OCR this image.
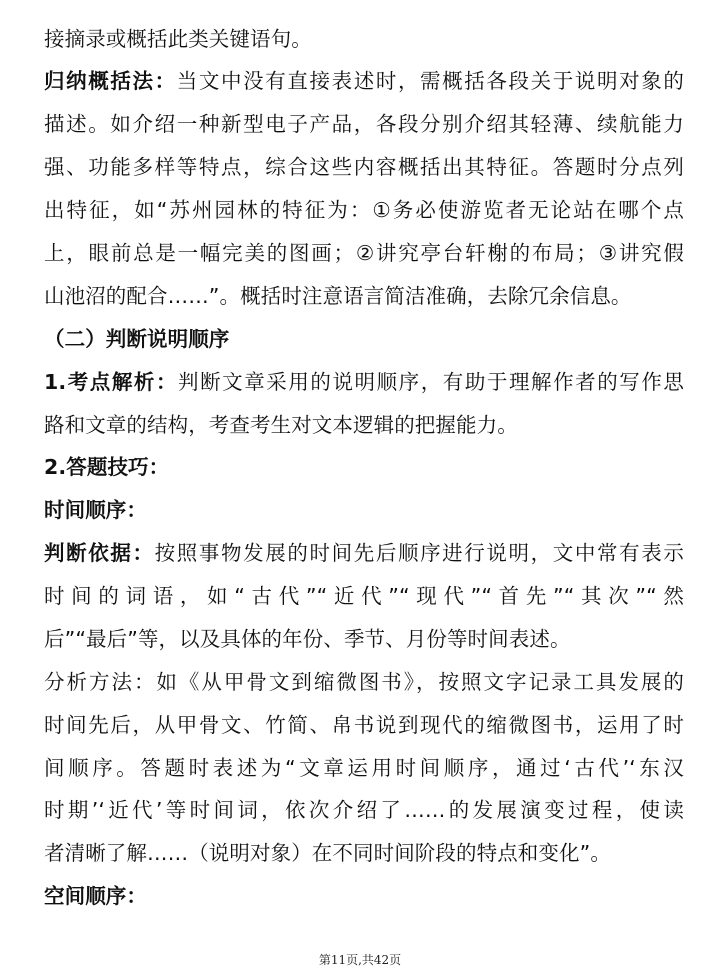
接摘录或概括此类关键语句。
归纳概括法：当文中没有直接表述时，需概括各段关于说明对象的
描述。如介绍一种新型电子产品，各段分别介绍其轻薄、续航能力
强、功能多样等特点，综合这些内容概括出其特征。答题时分点列
出特征，如“苏州园林的特征为：①务必使游览者无论站在哪个点
上，眼前总是一幅完美的图画；②讲究亭台轩榭的布局；③讲究假
山池沼的配合……”。概括时注意语言简洁准确，去除冗余信息。
（二）判断说明顺序
1.考点解析：判断文章采用的说明顺序，有助于理解作者的写作思
路和文章的结构，考查考生对文本逻辑的把握能力。
2.答题技巧：
时间顺序：
判断依据：按照事物发展的时间先后顺序进行说明，文中常有表示
时间的词语，如“古代”“近代”“现代”“首先”“其次”“然
后”“最后”等，以及具体的年份、季节、月份等时间表述。
分析方法：如《从甲骨文到缩微图书》，按照文字记录工具发展的
时间先后，从甲骨文、竹简、帛书说到现代的缩微图书，运用了时
间顺序。答题时表述为“文章运用时间顺序，通过‘古代’‘东汉
时期’‘近代’等时间词，依次介绍了……的发展演变过程，使读
者清晰了解……（说明对象）在不同时间阶段的特点和变化”。
空间顺序：
第11页,共42页
